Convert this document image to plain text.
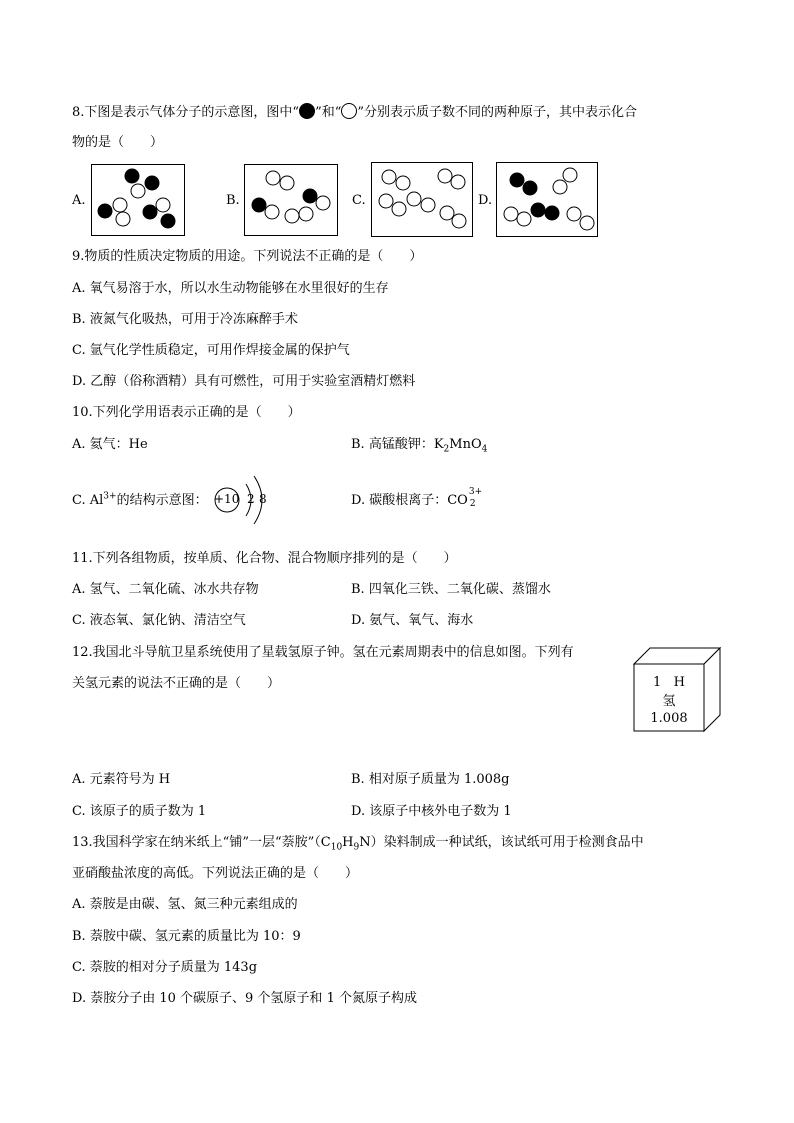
8.下图是表示气体分子的示意图，图中“ ”和“ ”分别表示质子数不同的两种原子，其中表示化合
物的是（　　）
A.	B.	C.	D.
9.物质的性质决定物质的用途。下列说法不正确的是（　　）
A. 氧气易溶于水，所以水生动物能够在水里很好的生存
B. 液氮气化吸热，可用于冷冻麻醉手术
C. 氩气化学性质稳定，可用作焊接金属的保护气
D. 乙醇（俗称酒精）具有可燃性，可用于实验室酒精灯燃料
10.下列化学用语表示正确的是（　　）
A. 氦气：He	B. 高锰酸钾：$K_2MnO_4$
C. $Al^{3+}$的结构示意图： +10 2 8	D. 碳酸根离子：CO
3+
2
11.下列各组物质，按单质、化合物、混合物顺序排列的是（　　）
A. 氢气、二氧化硫、冰水共存物	B. 四氧化三铁、二氧化碳、蒸馏水
C. 液态氧、氯化钠、清洁空气	D. 氨气、氧气、海水
12.我国北斗导航卫星系统使用了星载氢原子钟。氢在元素周期表中的信息如图。下列有
关氢元素的说法不正确的是（　　）	1 H
氢
1.008
A. 元素符号为 H	B. 相对原子质量为 1.008g
C. 该原子的质子数为 1	D. 该原子中核外电子数为 1
13.我国科学家在纳米纸上“铺”一层“萘胺$”(C_{10}H_9N)$染料制成一种试纸，该试纸可用于检测食品中
亚硝酸盐浓度的高低。下列说法正确的是（　　）
A. 萘胺是由碳、氢、氮三种元素组成的
B. 萘胺中碳、氢元素的质量比为 10：9
C. 萘胺的相对分子质量为 143g
D. 萘胺分子由 10 个碳原子、9 个氢原子和 1 个氮原子构成
